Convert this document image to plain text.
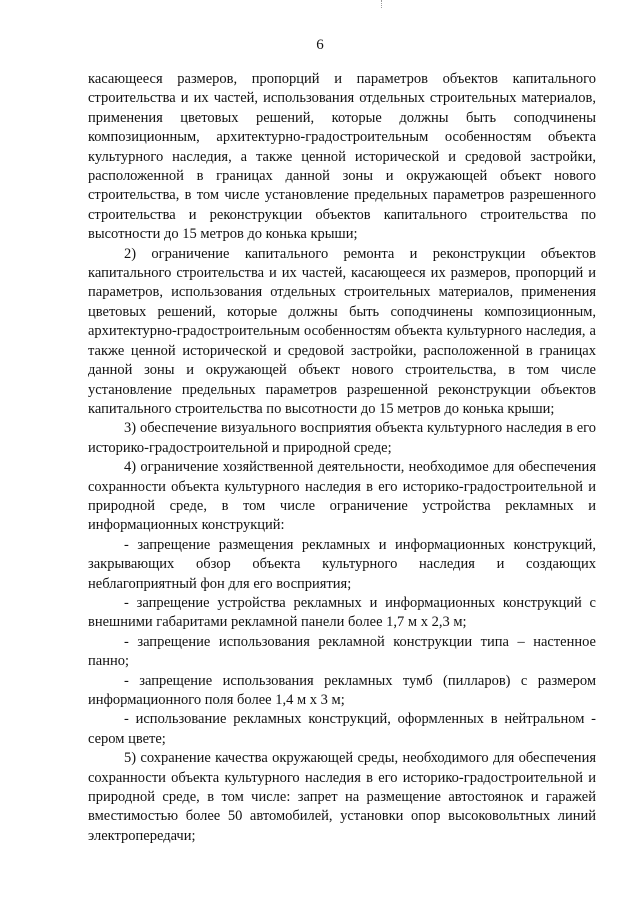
6

касающееся размеров, пропорций и параметров объектов капитального строительства и их частей, использования отдельных строительных материалов, применения цветовых решений, которые должны быть соподчинены композиционным, архитектурно-градостроительным особенностям объекта культурного наследия, а также ценной исторической и средовой застройки, расположенной в границах данной зоны и окружающей объект нового строительства, в том числе установление предельных параметров разрешенного строительства и реконструкции объектов капитального строительства по высотности до 15 метров до конька крыши;

2) ограничение капитального ремонта и реконструкции объектов капитального строительства и их частей, касающееся их размеров, пропорций и параметров, использования отдельных строительных материалов, применения цветовых решений, которые должны быть соподчинены композиционным, архитектурно-градостроительным особенностям объекта культурного наследия, а также ценной исторической и средовой застройки, расположенной в границах данной зоны и окружающей объект нового строительства, в том числе установление предельных параметров разрешенной реконструкции объектов капитального строительства по высотности до 15 метров до конька крыши;

3) обеспечение визуального восприятия объекта культурного наследия в его историко-градостроительной и природной среде;

4) ограничение хозяйственной деятельности, необходимое для обеспечения сохранности объекта культурного наследия в его историко-градостроительной и природной среде, в том числе ограничение устройства рекламных и информационных конструкций:

- запрещение размещения рекламных и информационных конструкций, закрывающих обзор объекта культурного наследия и создающих неблагоприятный фон для его восприятия;

- запрещение устройства рекламных и информационных конструкций с внешними габаритами рекламной панели более 1,7 м х 2,3 м;

- запрещение использования рекламной конструкции типа – настенное панно;

- запрещение использования рекламных тумб (пилларов) с размером информационного поля более 1,4 м х 3 м;

- использование рекламных конструкций, оформленных в нейтральном - сером цвете;

5) сохранение качества окружающей среды, необходимого для обеспечения сохранности объекта культурного наследия в его историко-градостроительной и природной среде, в том числе: запрет на размещение автостоянок и гаражей вместимостью более 50 автомобилей, установки опор высоковольтных линий электропередачи;
